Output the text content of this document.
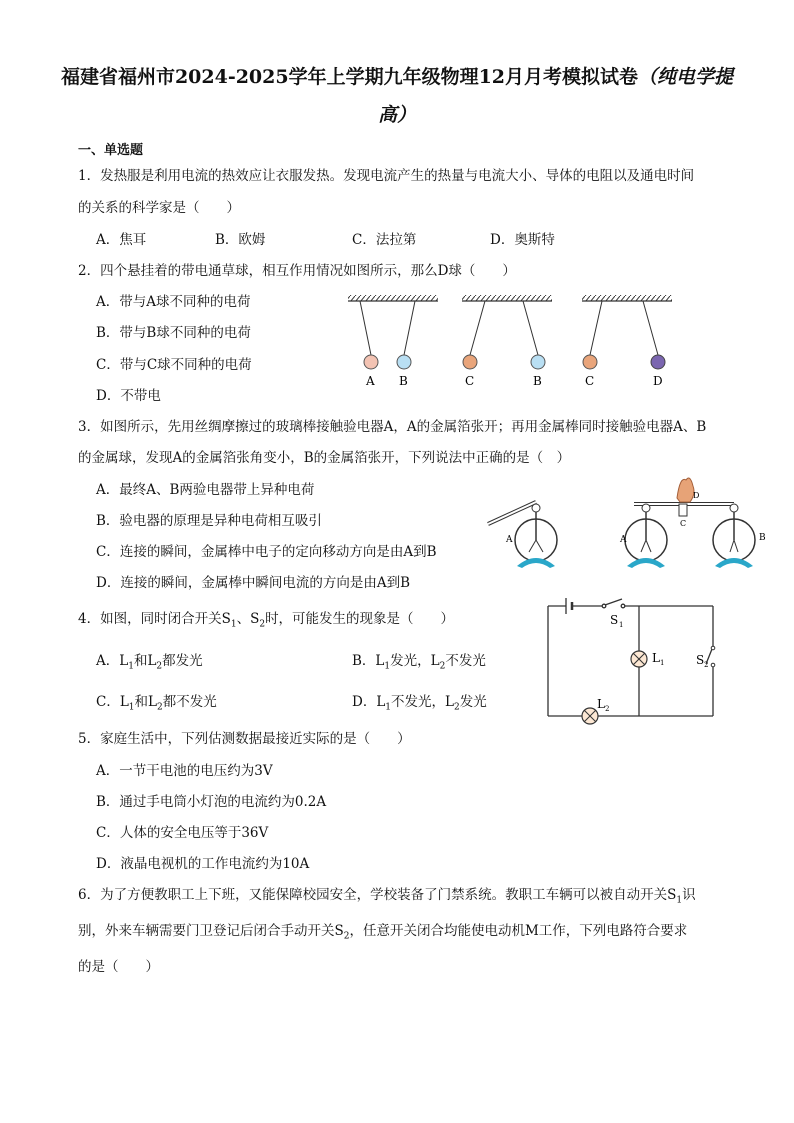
福建省福州市2024-2025学年上学期九年级物理12月月考模拟试卷（纯电学提高）
一、单选题
1．发热服是利用电流的热效应让衣服发热。发现电流产生的热量与电流大小、导体的电阻以及通电时间
的关系的科学家是（　　）
A．焦耳	B．欧姆	C．法拉第	D．奥斯特
2．四个悬挂着的带电通草球，相互作用情况如图所示，那么D球（　　）
A．带与A球不同种的电荷
B．带与B球不同种的电荷
C．带与C球不同种的电荷
D．不带电
A B	C	B	C	D
3．如图所示，先用丝绸摩擦过的玻璃棒接触验电器A，A的金属箔张开；再用金属棒同时接触验电器A、B
的金属球，发现A的金属箔张角变小，B的金属箔张开，下列说法中正确的是（　）
A．最终A、B两验电器带上异种电荷
B．验电器的原理是异种电荷相互吸引
C．连接的瞬间，金属棒中电子的定向移动方向是由A到B
D．连接的瞬间，金属棒中瞬间电流的方向是由A到B
A
D
C
A	B
4．如图，同时闭合开关$S_1$、$S_2$时，可能发生的现象是（　　）
A．$L_1$和$L_2$都发光	B．$L_1$发光，$L_2$不发光
C．$L_1$和$L_2$都不发光	D．$L_1$不发光，$L_2$发光
S 1
L 1	S 2
L 2
5．家庭生活中，下列估测数据最接近实际的是（　　）
A．一节干电池的电压约为3V
B．通过手电筒小灯泡的电流约为0.2A
C．人体的安全电压等于36V
D．液晶电视机的工作电流约为10A
6．为了方便教职工上下班，又能保障校园安全，学校装备了门禁系统。教职工车辆可以被自动开关$S_1$识
别，外来车辆需要门卫登记后闭合手动开关$S_2$，任意开关闭合均能使电动机M工作，下列电路符合要求
的是（　　）
